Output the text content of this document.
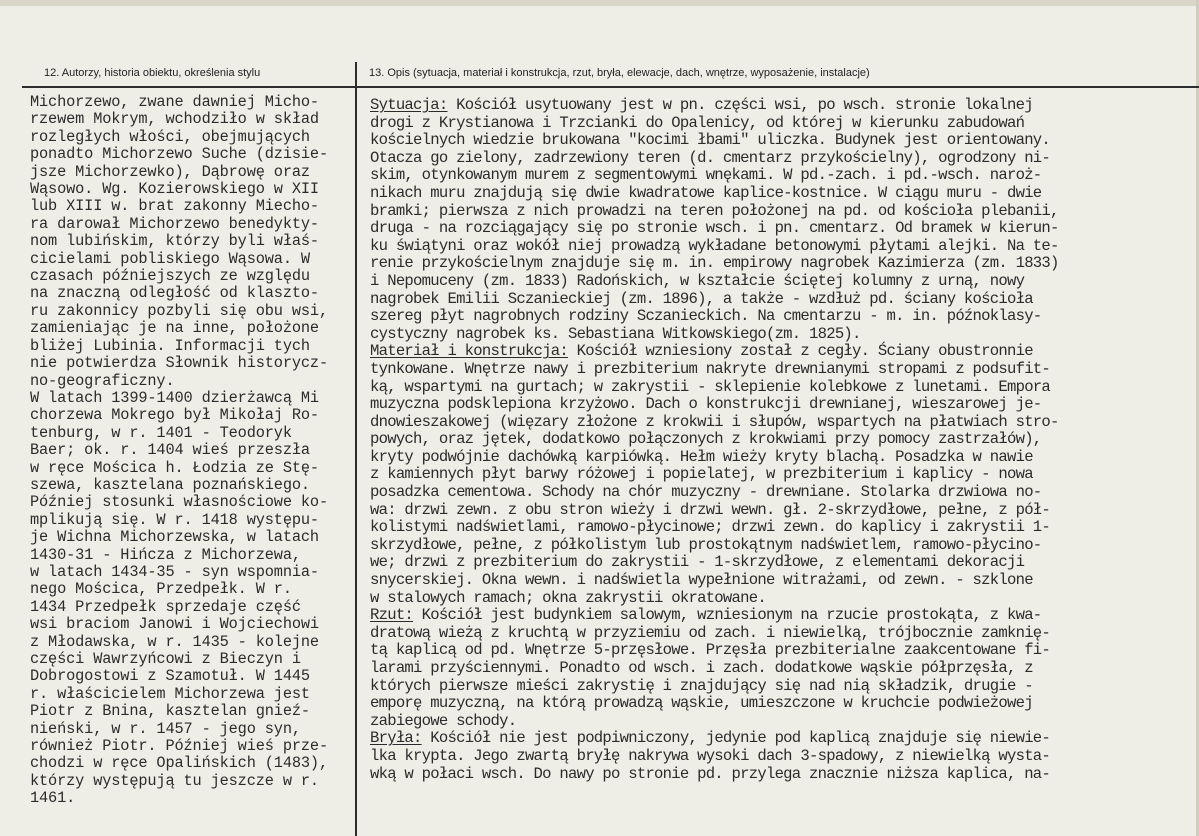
12. Autorzy, historia obiektu, określenia stylu	13. Opis (sytuacja, materiał i konstrukcja, rzut, bryła, elewacje, dach, wnętrze, wyposażenie, instalacje)
Michorzewo, zwane dawniej Micho-
rzewem Mokrym, wchodziło w skład
rozległych włości, obejmujących
ponadto Michorzewo Suche (dzisie-
jsze Michorzewko), Dąbrowę oraz
Wąsowo. Wg. Kozierowskiego w XII
lub XIII w. brat zakonny Miecho-
ra darował Michorzewo benedykty-
nom lubińskim, którzy byli właś-
cicielami pobliskiego Wąsowa. W
czasach późniejszych ze względu
na znaczną odległość od klaszto-
ru zakonnicy pozbyli się obu wsi,
zamieniając je na inne, położone
bliżej Lubinia. Informacji tych
nie potwierdza Słownik historycz-
no-geograficzny.
W latach 1399-1400 dzierżawcą Mi
chorzewa Mokrego był Mikołaj Ro-
tenburg, w r. 1401 - Teodoryk
Baer; ok. r. 1404 wieś przeszła
w ręce Mościca h. Łodzia ze Stę-
szewa, kasztelana poznańskiego.
Później stosunki własnościowe ko-
mplikują się. W r. 1418 występu-
je Wichna Michorzewska, w latach
1430-31 - Hińcza z Michorzewa,
w latach 1434-35 - syn wspomnia-
nego Mościca, Przedpełk. W r.
1434 Przedpełk sprzedaje część
wsi braciom Janowi i Wojciechowi
z Młodawska, w r. 1435 - kolejne
części Wawrzyńcowi z Bieczyn i
Dobrogostowi z Szamotuł. W 1445
r. właścicielem Michorzewa jest
Piotr z Bnina, kasztelan gnieź-
nieński, w r. 1457 - jego syn,
również Piotr. Później wieś prze-
chodzi w ręce Opalińskich (1483),
którzy występują tu jeszcze w r.
1461.
Sytuacja: Kościół usytuowany jest w pn. części wsi, po wsch. stronie lokalnej
drogi z Krystianowa i Trzcianki do Opalenicy, od której w kierunku zabudowań
kościelnych wiedzie brukowana "kocimi łbami" uliczka. Budynek jest orientowany.
Otacza go zielony, zadrzewiony teren (d. cmentarz przykościelny), ogrodzony ni-
skim, otynkowanym murem z segmentowymi wnękami. W pd.-zach. i pd.-wsch. naroż-
nikach muru znajdują się dwie kwadratowe kaplice-kostnice. W ciągu muru - dwie
bramki; pierwsza z nich prowadzi na teren położonej na pd. od kościoła plebanii,
druga - na rozciągający się po stronie wsch. i pn. cmentarz. Od bramek w kierun-
ku świątyni oraz wokół niej prowadzą wykładane betonowymi płytami alejki. Na te-
renie przykościelnym znajduje się m. in. empirowy nagrobek Kazimierza (zm. 1833)
i Nepomuceny (zm. 1833) Radońskich, w kształcie ściętej kolumny z urną, nowy
nagrobek Emilii Sczanieckiej (zm. 1896), a także - wzdłuż pd. ściany kościoła
szereg płyt nagrobnych rodziny Sczanieckich. Na cmentarzu - m. in. późnoklasy-
cystyczny nagrobek ks. Sebastiana Witkowskiego(zm. 1825).
Materiał i konstrukcja: Kościół wzniesiony został z cegły. Ściany obustronnie
tynkowane. Wnętrze nawy i prezbiterium nakryte drewnianymi stropami z podsufit-
ką, wspartymi na gurtach; w zakrystii - sklepienie kolebkowe z lunetami. Empora
muzyczna podsklepiona krzyżowo. Dach o konstrukcji drewnianej, wieszarowej je-
dnowieszakowej (więzary złożone z krokwii i słupów, wspartych na płatwiach stro-
powych, oraz jętek, dodatkowo połączonych z krokwiami przy pomocy zastrzałów),
kryty podwójnie dachówką karpiówką. Hełm wieży kryty blachą. Posadzka w nawie
z kamiennych płyt barwy różowej i popielatej, w prezbiterium i kaplicy - nowa
posadzka cementowa. Schody na chór muzyczny - drewniane. Stolarka drzwiowa no-
wa: drzwi zewn. z obu stron wieży i drzwi wewn. gł. 2-skrzydłowe, pełne, z pół-
kolistymi nadświetlami, ramowo-płycinowe; drzwi zewn. do kaplicy i zakrystii 1-
skrzydłowe, pełne, z półkolistym lub prostokątnym nadświetlem, ramowo-płycino-
we; drzwi z prezbiterium do zakrystii - 1-skrzydłowe, z elementami dekoracji
snycerskiej. Okna wewn. i nadświetla wypełnione witrażami, od zewn. - szklone
w stalowych ramach; okna zakrystii okratowane.
Rzut: Kościół jest budynkiem salowym, wzniesionym na rzucie prostokąta, z kwa-
dratową wieżą z kruchtą w przyziemiu od zach. i niewielką, trójbocznie zamknię-
tą kaplicą od pd. Wnętrze 5-przęsłowe. Przęsła prezbiterialne zaakcentowane fi-
larami przyściennymi. Ponadto od wsch. i zach. dodatkowe wąskie półprzęsła, z
których pierwsze mieści zakrystię i znajdujący się nad nią składzik, drugie -
emporę muzyczną, na którą prowadzą wąskie, umieszczone w kruchcie podwieżowej
zabiegowe schody.
Bryła: Kościół nie jest podpiwniczony, jedynie pod kaplicą znajduje się niewie-
lka krypta. Jego zwartą bryłę nakrywa wysoki dach 3-spadowy, z niewielką wysta-
wką w połaci wsch. Do nawy po stronie pd. przylega znacznie niższa kaplica, na-
